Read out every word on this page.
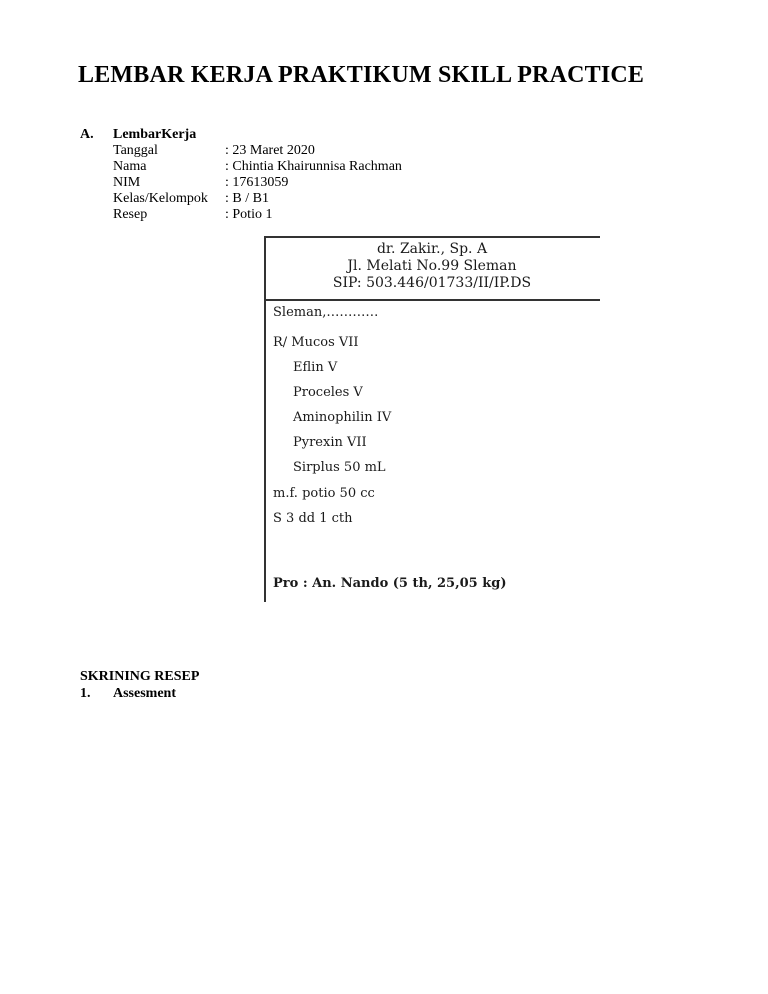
LEMBAR KERJA PRAKTIKUM SKILL PRACTICE
A.	LembarKerja
Tanggal	: 23 Maret 2020
Nama	: Chintia Khairunnisa Rachman
NIM	: 17613059
Kelas/Kelompok	: B / B1
Resep	: Potio 1
dr. Zakir., Sp. A
Jl. Melati No.99 Sleman
SIP: 503.446/01733/II/IP.DS
Sleman,…………
R/ Mucos VII
Eflin V
Proceles V
Aminophilin IV
Pyrexin VII
Sirplus 50 mL
m.f. potio 50 cc
S 3 dd 1 cth
Pro : An. Nando (5 th, 25,05 kg)
SKRINING RESEP
1.	Assesment
